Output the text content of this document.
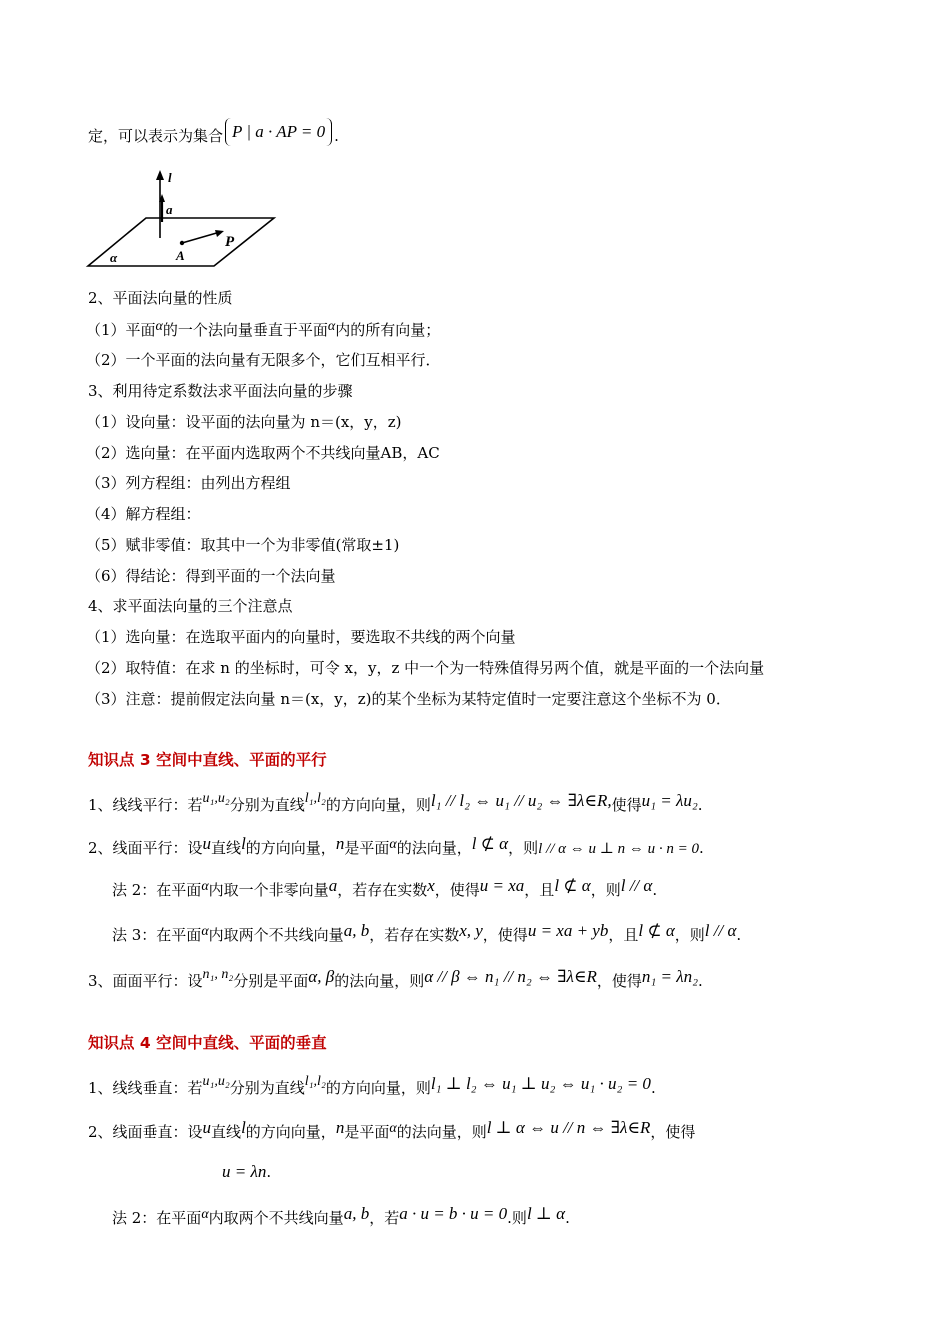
定，可以表示为集合 P | a · AP = 0 .
l
a
P
A
α
2、平面法向量的性质
（1）平面α的一个法向量垂直于平面α内的所有向量；
（2）一个平面的法向量有无限多个，它们互相平行．
3、利用待定系数法求平面法向量的步骤
（1）设向量：设平面的法向量为 n＝(x，y，z)
（2）选向量：在平面内选取两个不共线向量AB，AC
（3）列方程组：由列出方程组
（4）解方程组：
（5）赋非零值：取其中一个为非零值(常取±1)
（6）得结论：得到平面的一个法向量
4、求平面法向量的三个注意点
（1）选向量：在选取平面内的向量时，要选取不共线的两个向量
（2）取特值：在求 n 的坐标时，可令 x，y，z 中一个为一特殊值得另两个值，就是平面的一个法向量
（3）注意：提前假定法向量 n＝(x，y，z)的某个坐标为某特定值时一定要注意这个坐标不为 0．
知识点 3 空间中直线、平面的平行
1、线线平行：若u₁,u₂分别为直线l₁,l₂的方向向量，则l₁ // l₂ ⇔ u₁ // u₂ ⇔ ∃λ∈R,使得u₁ = λu₂.
2、线面平行：设u直线l的方向向量，n是平面α的法向量，l ⊄ α，则l // α ⇔ u ⊥ n ⇔ u · n = 0.
法 2：在平面α内取一个非零向量a，若存在实数x，使得u = xa，且l ⊄ α，则l // α.
法 3：在平面α内取两个不共线向量a, b，若存在实数x, y，使得u = xa + yb，且l ⊄ α，则l // α.
3、面面平行：设n₁, n₂分别是平面α, β的法向量，则α // β ⇔ n₁ // n₂ ⇔ ∃λ∈R，使得n₁ = λn₂.
知识点 4 空间中直线、平面的垂直
1、线线垂直：若u₁,u₂分别为直线l₁,l₂的方向向量，则l₁ ⊥ l₂ ⇔ u₁ ⊥ u₂ ⇔ u₁ · u₂ = 0.
2、线面垂直：设u直线l的方向向量，n是平面α的法向量，则l ⊥ α ⇔ u // n ⇔ ∃λ∈R，使得
u = λn.
法 2：在平面α内取两个不共线向量a, b，若a · u = b · u = 0.则l ⊥ α.
